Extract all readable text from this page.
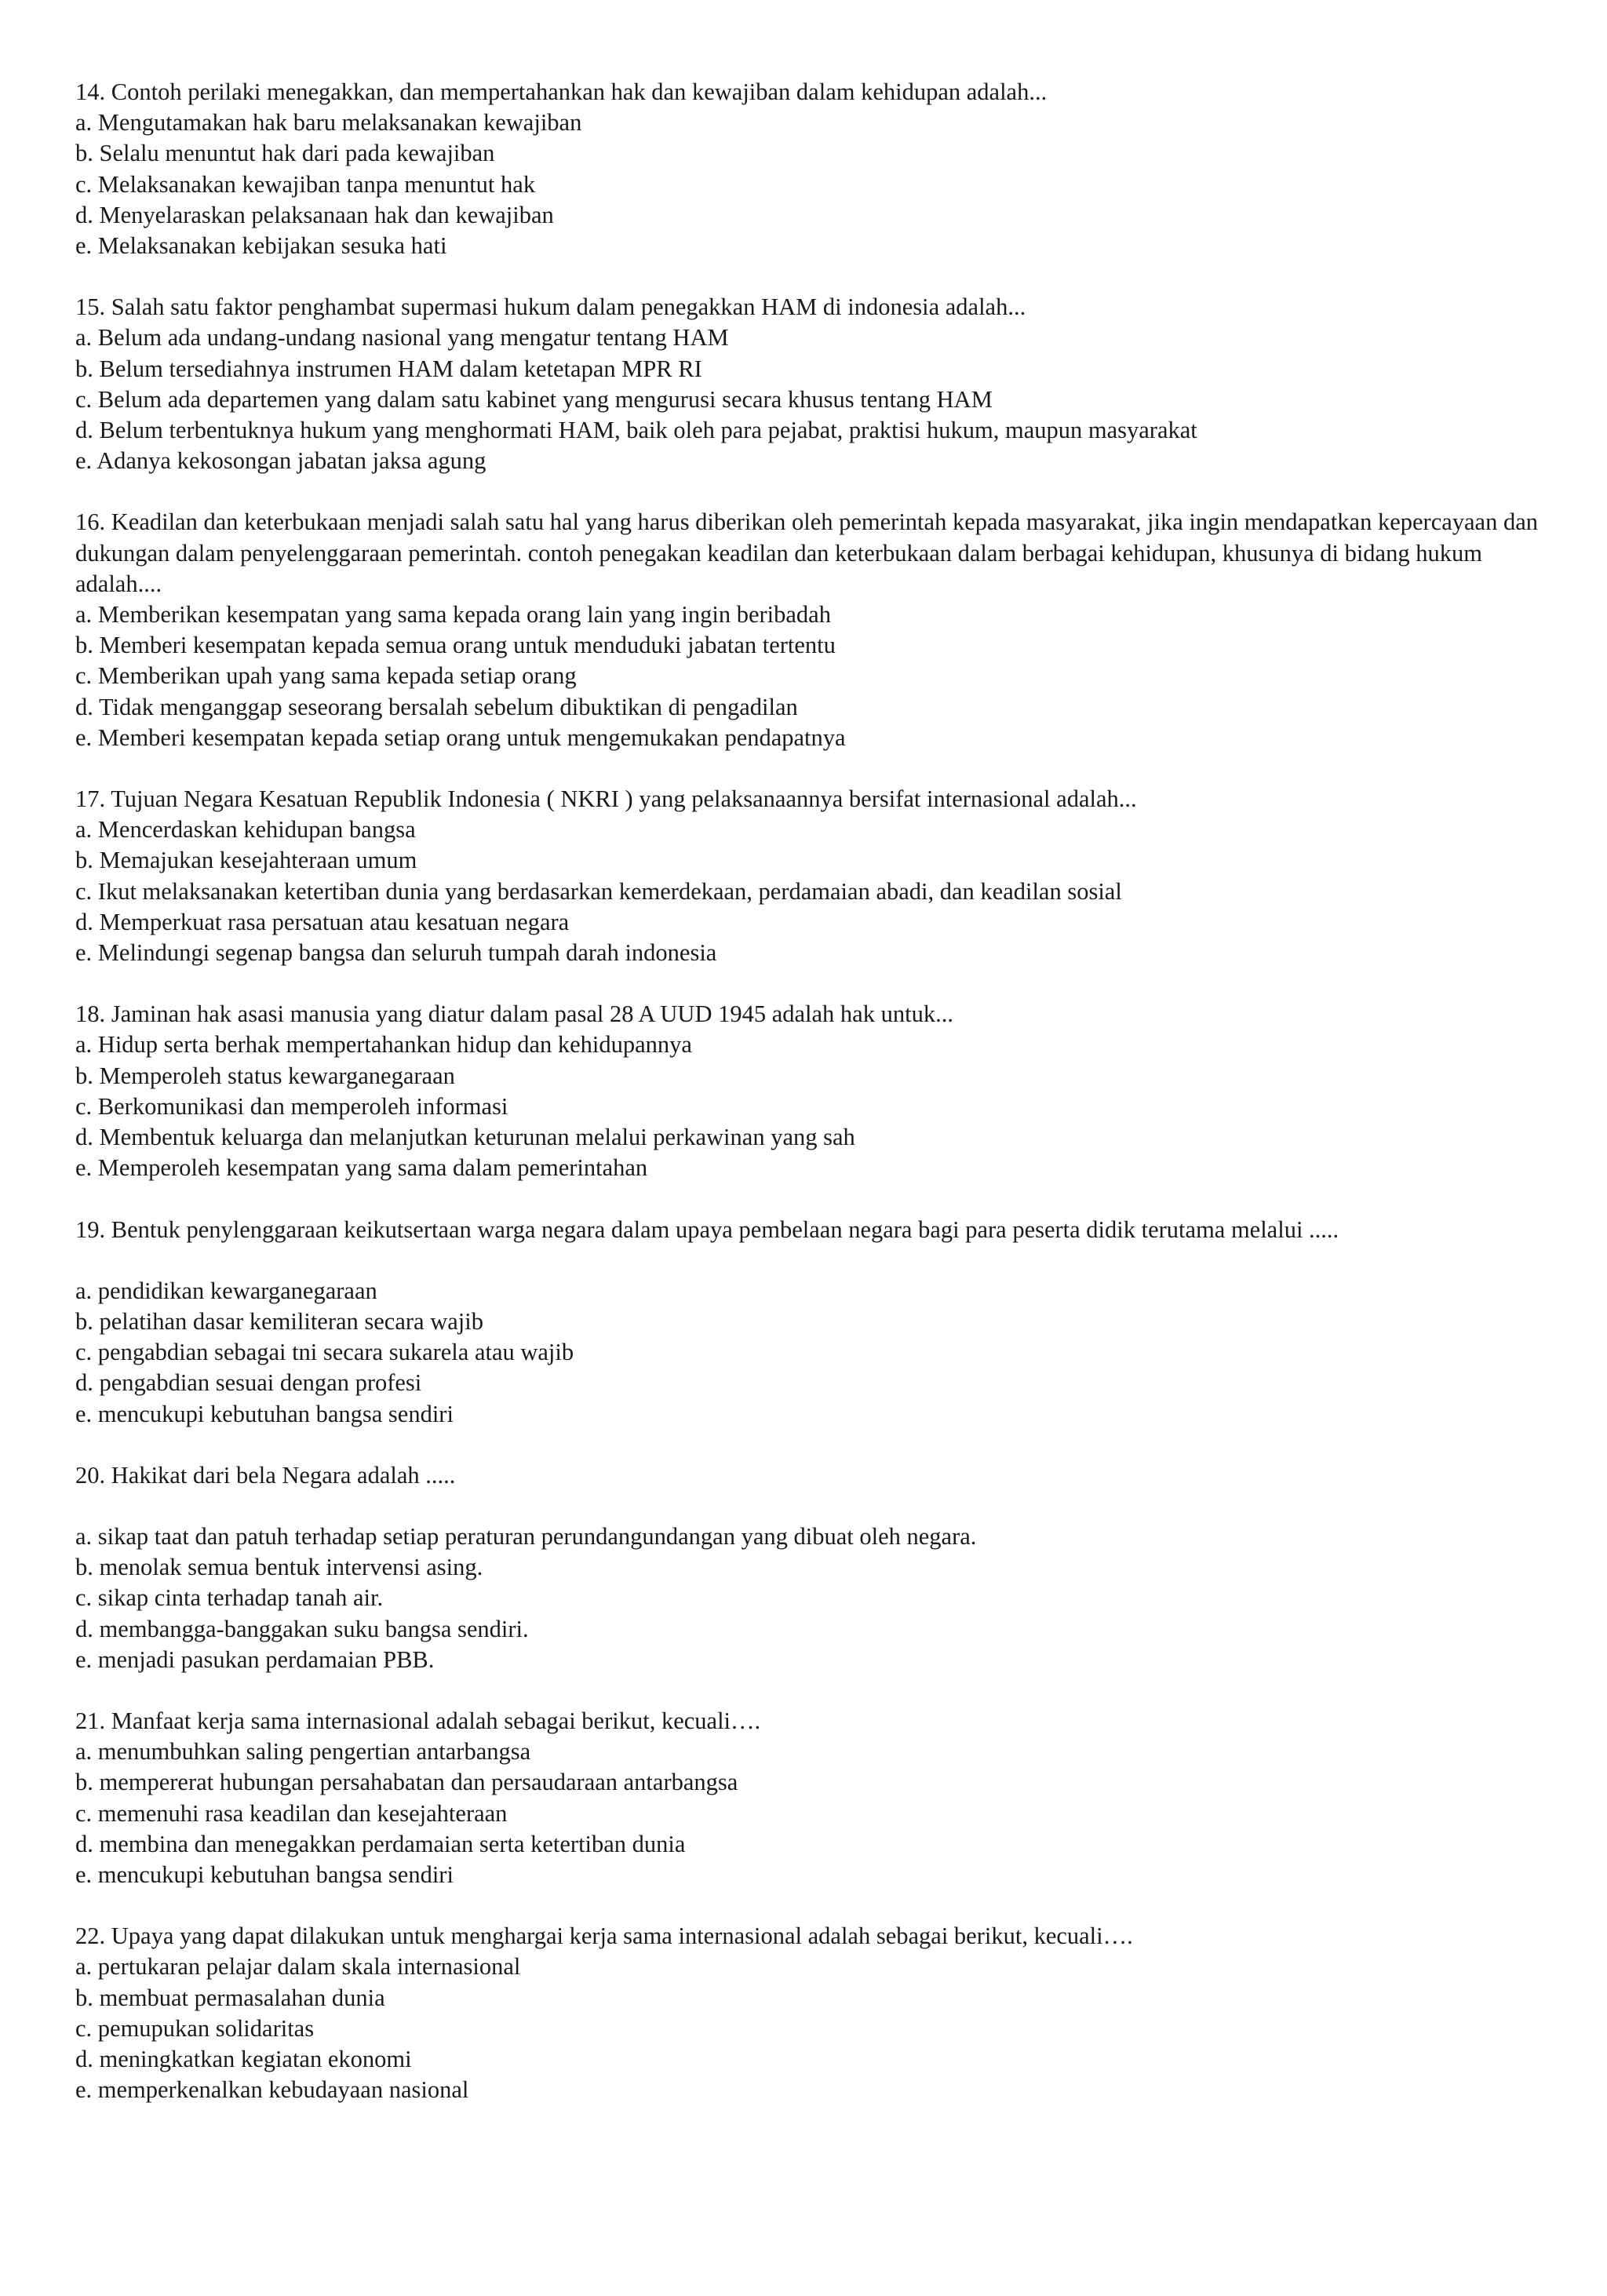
14. Contoh perilaki menegakkan, dan mempertahankan hak dan kewajiban dalam kehidupan adalah...

a. Mengutamakan hak baru melaksanakan kewajiban
b. Selalu menuntut hak dari pada kewajiban
c. Melaksanakan kewajiban tanpa menuntut hak
d. Menyelaraskan pelaksanaan hak dan kewajiban
e. Melaksanakan kebijakan sesuka hati

15. Salah satu faktor penghambat supermasi hukum dalam penegakkan HAM di indonesia adalah...

a. Belum ada undang-undang nasional yang mengatur tentang HAM
b. Belum tersediahnya instrumen HAM dalam ketetapan MPR RI
c. Belum ada departemen yang dalam satu kabinet yang mengurusi secara khusus tentang HAM
d. Belum terbentuknya hukum yang menghormati HAM, baik oleh para pejabat, praktisi hukum, maupun masyarakat
e. Adanya kekosongan jabatan jaksa agung

16. Keadilan dan keterbukaan menjadi salah satu hal yang harus diberikan oleh pemerintah kepada masyarakat, jika ingin mendapatkan kepercayaan dan dukungan dalam penyelenggaraan pemerintah. contoh penegakan keadilan dan keterbukaan dalam berbagai kehidupan, khusunya di bidang hukum adalah....

a. Memberikan kesempatan yang sama kepada orang lain yang ingin beribadah
b. Memberi kesempatan kepada semua orang untuk menduduki jabatan tertentu
c. Memberikan upah yang sama kepada setiap orang
d. Tidak menganggap seseorang bersalah sebelum dibuktikan di pengadilan
e. Memberi kesempatan kepada setiap orang untuk mengemukakan pendapatnya

17. Tujuan Negara Kesatuan Republik Indonesia ( NKRI ) yang pelaksanaannya bersifat internasional adalah...

a. Mencerdaskan kehidupan bangsa
b. Memajukan kesejahteraan umum
c. Ikut melaksanakan ketertiban dunia yang berdasarkan kemerdekaan, perdamaian abadi, dan keadilan sosial
d. Memperkuat rasa persatuan atau kesatuan negara
e. Melindungi segenap bangsa dan seluruh tumpah darah indonesia

18. Jaminan hak asasi manusia yang diatur dalam pasal 28 A UUD 1945 adalah hak untuk...

a. Hidup serta berhak mempertahankan hidup dan kehidupannya
b. Memperoleh status kewarganegaraan
c. Berkomunikasi dan memperoleh informasi
d. Membentuk keluarga dan melanjutkan keturunan melalui perkawinan yang sah
e. Memperoleh kesempatan yang sama dalam pemerintahan

19. Bentuk penylenggaraan keikutsertaan warga negara dalam upaya pembelaan negara bagi para peserta didik terutama melalui .....

a. pendidikan kewarganegaraan
b. pelatihan dasar kemiliteran secara wajib
c. pengabdian sebagai tni secara sukarela atau wajib
d. pengabdian sesuai dengan profesi
e. mencukupi kebutuhan bangsa sendiri

20. Hakikat dari bela Negara adalah .....

a. sikap taat dan patuh terhadap setiap peraturan perundangundangan yang dibuat oleh negara.
b. menolak semua bentuk intervensi asing.
c. sikap cinta terhadap tanah air.
d. membangga-banggakan suku bangsa sendiri.
e. menjadi pasukan perdamaian PBB.

21. Manfaat kerja sama internasional adalah sebagai berikut, kecuali….

a. menumbuhkan saling pengertian antarbangsa
b. mempererat hubungan persahabatan dan persaudaraan antarbangsa
c. memenuhi rasa keadilan dan kesejahteraan
d. membina dan menegakkan perdamaian serta ketertiban dunia
e. mencukupi kebutuhan bangsa sendiri

22. Upaya yang dapat dilakukan untuk menghargai kerja sama internasional adalah sebagai berikut, kecuali….

a. pertukaran pelajar dalam skala internasional
b. membuat permasalahan dunia
c. pemupukan solidaritas
d. meningkatkan kegiatan ekonomi
e. memperkenalkan kebudayaan nasional
